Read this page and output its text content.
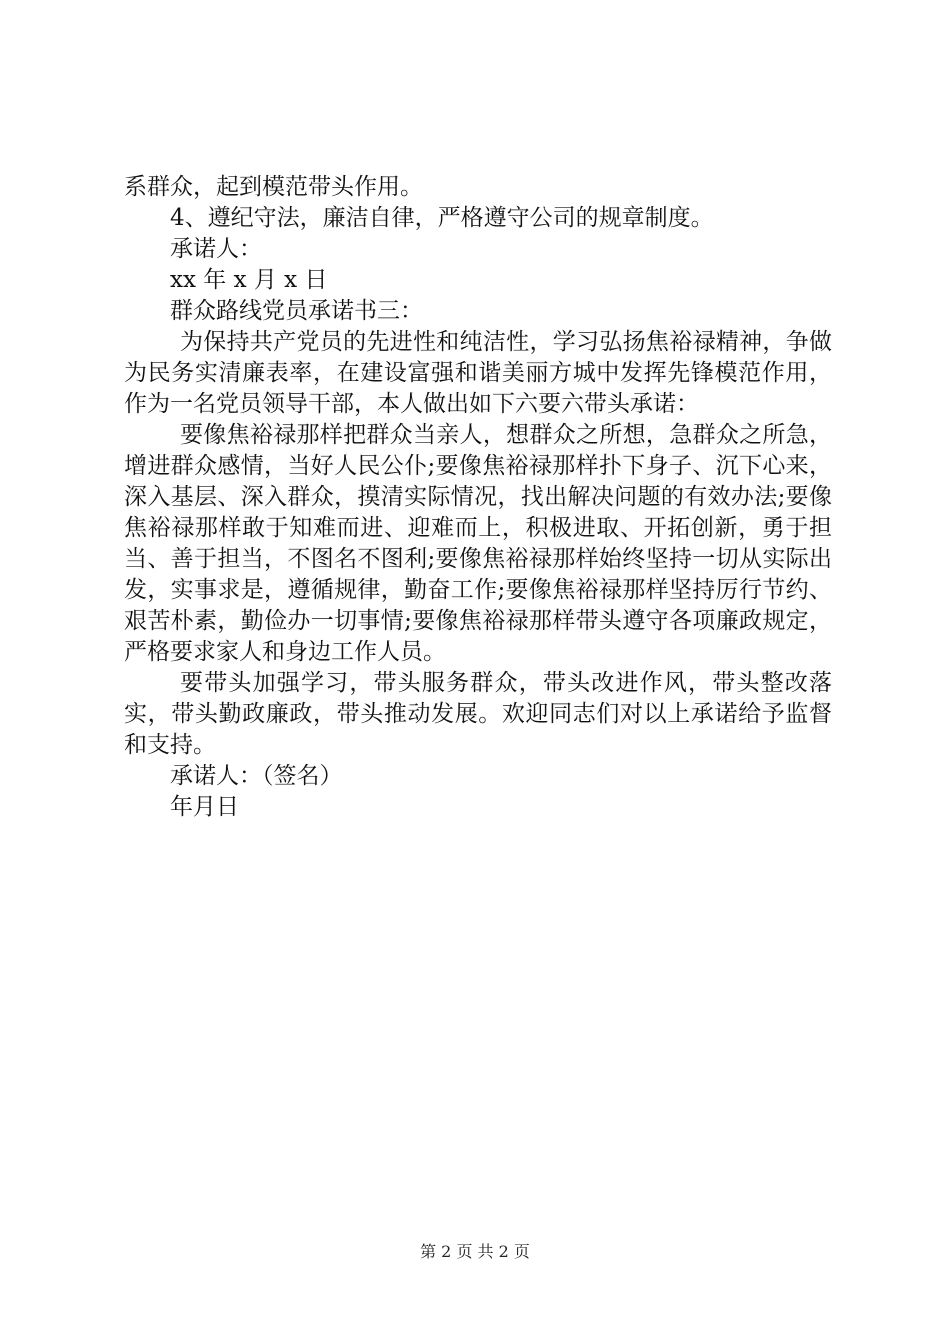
系群众，起到模范带头作用。

4、遵纪守法，廉洁自律，严格遵守公司的规章制度。

承诺人：

xx 年 x 月 x 日

群众路线党员承诺书三：

为保持共产党员的先进性和纯洁性，学习弘扬焦裕禄精神，争做为民务实清廉表率，在建设富强和谐美丽方城中发挥先锋模范作用，作为一名党员领导干部，本人做出如下六要六带头承诺：

要像焦裕禄那样把群众当亲人，想群众之所想，急群众之所急，增进群众感情，当好人民公仆;要像焦裕禄那样扑下身子、沉下心来，深入基层、深入群众，摸清实际情况，找出解决问题的有效办法;要像焦裕禄那样敢于知难而进、迎难而上，积极进取、开拓创新，勇于担当、善于担当，不图名不图利;要像焦裕禄那样始终坚持一切从实际出发，实事求是，遵循规律，勤奋工作;要像焦裕禄那样坚持厉行节约、艰苦朴素，勤俭办一切事情;要像焦裕禄那样带头遵守各项廉政规定，严格要求家人和身边工作人员。

要带头加强学习，带头服务群众，带头改进作风，带头整改落实，带头勤政廉政，带头推动发展。欢迎同志们对以上承诺给予监督和支持。

承诺人：（签名）

年月日

第 2 页 共 2 页
